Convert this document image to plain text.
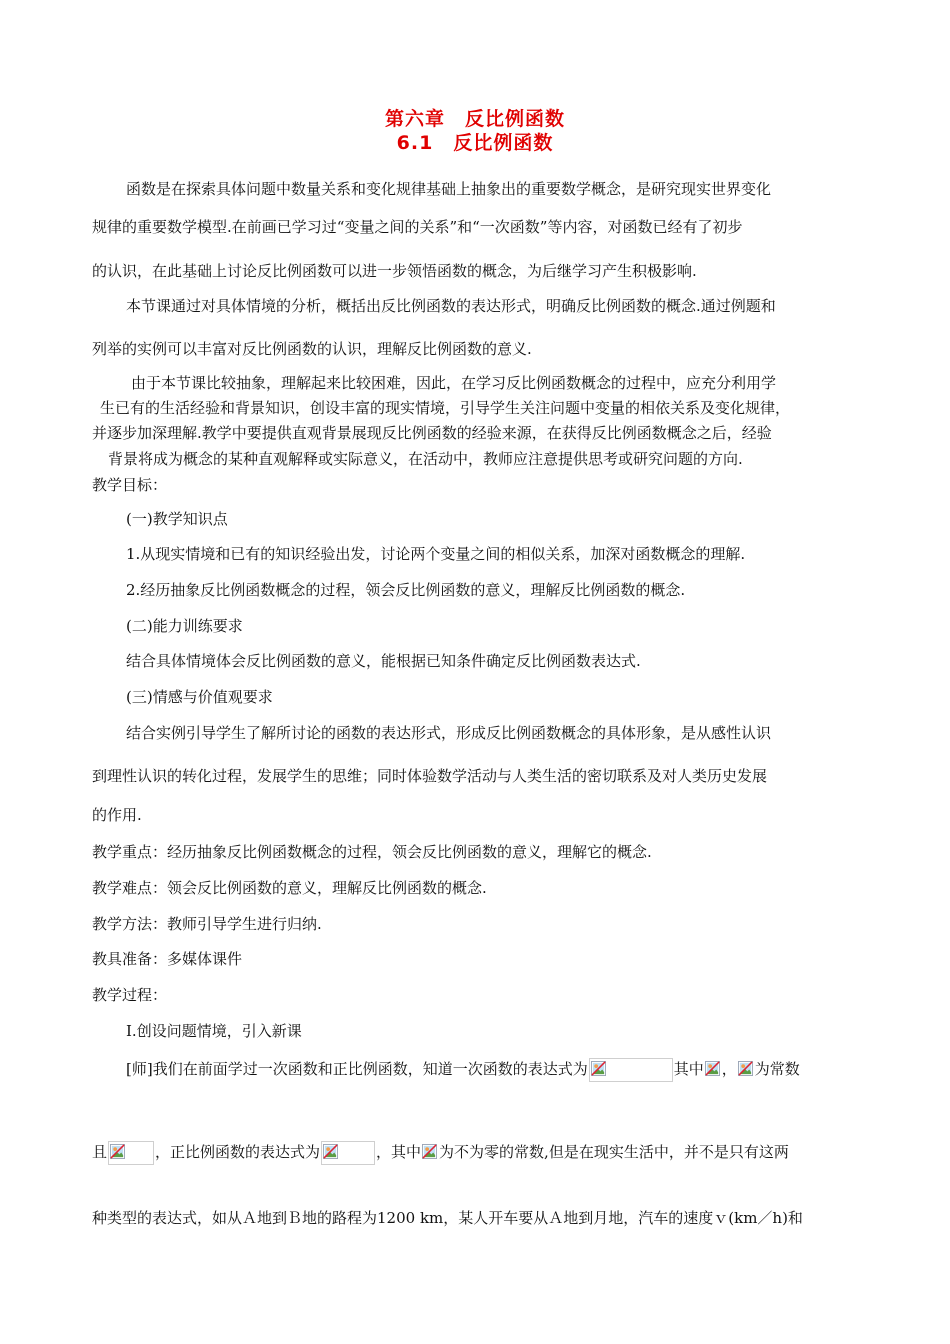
第六章　反比例函数
6.1　反比例函数
函数是在探索具体问题中数量关系和变化规律基础上抽象出的重要数学概念，是研究现实世界变化
规律的重要数学模型.在前画已学习过“变量之间的关系”和“一次函数”等内容，对函数已经有了初步
的认识，在此基础上讨论反比例函数可以进一步领悟函数的概念，为后继学习产生积极影响.
本节课通过对具体情境的分析，概括出反比例函数的表达形式，明确反比例函数的概念.通过例题和
列举的实例可以丰富对反比例函数的认识，理解反比例函数的意义.
由于本节课比较抽象，理解起来比较困难，因此，在学习反比例函数概念的过程中，应充分利用学
生已有的生活经验和背景知识，创设丰富的现实情境，引导学生关注问题中变量的相依关系及变化规律，
并逐步加深理解.教学中要提供直观背景展现反比例函数的经验来源，在获得反比例函数概念之后，经验
背景将成为概念的某种直观解释或实际意义，在活动中，教师应注意提供思考或研究问题的方向.
教学目标：
(一)教学知识点
1.从现实情境和已有的知识经验出发，讨论两个变量之间的相似关系，加深对函数概念的理解.
2.经历抽象反比例函数概念的过程，领会反比例函数的意义，理解反比例函数的概念.
(二)能力训练要求
结合具体情境体会反比例函数的意义，能根据已知条件确定反比例函数表达式.
(三)情感与价值观要求
结合实例引导学生了解所讨论的函数的表达形式，形成反比例函数概念的具体形象，是从感性认识
到理性认识的转化过程，发展学生的思维；同时体验数学活动与人类生活的密切联系及对人类历史发展
的作用.
教学重点：经历抽象反比例函数概念的过程，领会反比例函数的意义，理解它的概念.
教学难点：领会反比例函数的意义，理解反比例函数的概念.
教学方法：教师引导学生进行归纳.
教具准备：多媒体课件
教学过程：
Ⅰ.创设问题情境，引入新课
[师]我们在前面学过一次函数和正比例函数，知道一次函数的表达式为	其中 ， 为常数
且	，正比例函数的表达式为	，其中 为不为零的常数,但是在现实生活中，并不是只有这两
种类型的表达式，如从Ａ地到Ｂ地的路程为1200 km，某人开车要从Ａ地到月地，汽车的速度ｖ(km／h)和
